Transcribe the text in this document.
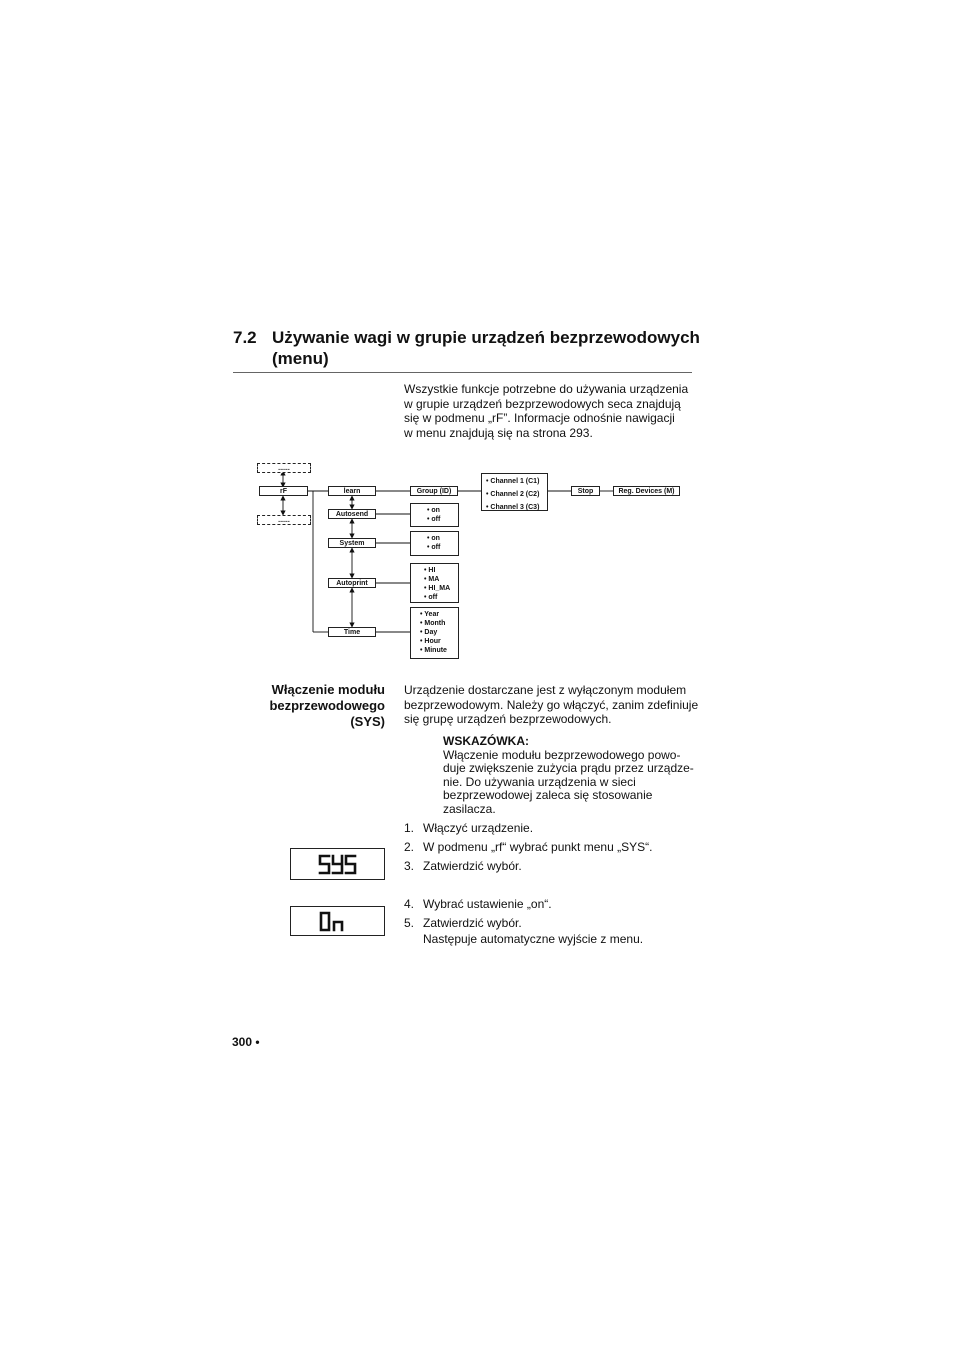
7.2 Używanie wagi w grupie urządzeń bezprzewodowych
(menu)
Wszystkie funkcje potrzebne do używania urządzenia
w grupie urządzeń bezprzewodowych seca znajdują
się w podmenu „rF”. Informacje odnośnie nawigacji
w menu znajdują się na strona 293.
......
rF
......
learn
Autosend
System
Autoprint
Time
Group (ID)
• Channel 1 (C1)
• Channel 2 (C2)
• Channel 3 (C3)
Stop	Reg. Devices (M)
• on
• off
• on
• off
• HI
• MA
• HI_MA
• off
• Year
• Month
• Day
• Hour
• Minute
Włączenie modułu
bezprzewodowego
(SYS)
Urządzenie dostarczane jest z wyłączonym modułem
bezprzewodowym. Należy go włączyć, zanim zdefiniuje
się grupę urządzeń bezprzewodowych.
WSKAZÓWKA:
Włączenie modułu bezprzewodowego powo-
duje zwiększenie zużycia prądu przez urządze-
nie. Do używania urządzenia w sieci
bezprzewodowej zaleca się stosowanie
zasilacza.
1. Włączyć urządzenie.
2. W podmenu „rf“ wybrać punkt menu „SYS“.
3. Zatwierdzić wybór.
4. Wybrać ustawienie „on“.
5. Zatwierdzić wybór.
Następuje automatyczne wyjście z menu.
300 •
